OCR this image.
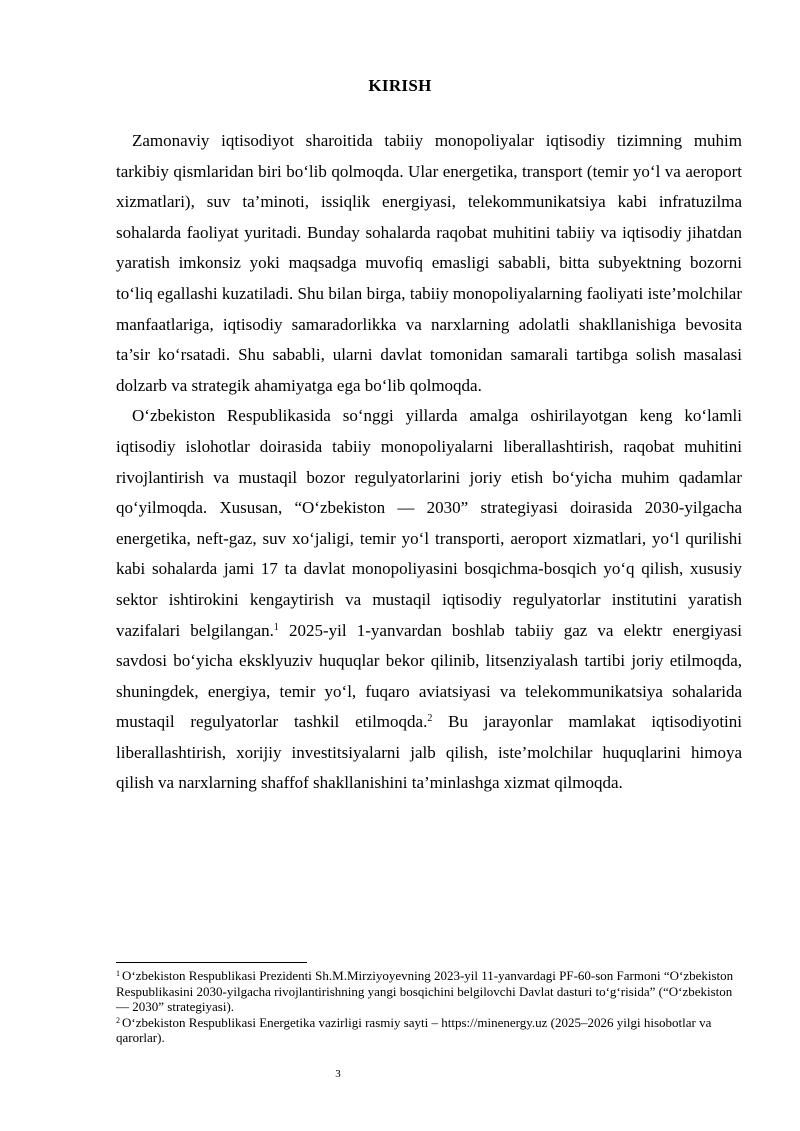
KIRISH

Zamonaviy iqtisodiyot sharoitida tabiiy monopoliyalar iqtisodiy tizimning muhim tarkibiy qismlaridan biri bo‘lib qolmoqda. Ular energetika, transport (temir yo‘l va aeroport xizmatlari), suv ta’minoti, issiqlik energiyasi, telekommunikatsiya kabi infratuzilma sohalarda faoliyat yuritadi. Bunday sohalarda raqobat muhitini tabiiy va iqtisodiy jihatdan yaratish imkonsiz yoki maqsadga muvofiq emasligi sababli, bitta subyektning bozorni to‘liq egallashi kuzatiladi. Shu bilan birga, tabiiy monopoliyalarning faoliyati iste’molchilar manfaatlariga, iqtisodiy samaradorlikka va narxlarning adolatli shakllanishiga bevosita ta’sir ko‘rsatadi. Shu sababli, ularni davlat tomonidan samarali tartibga solish masalasi dolzarb va strategik ahamiyatga ega bo‘lib qolmoqda.

O‘zbekiston Respublikasida so‘nggi yillarda amalga oshirilayotgan keng ko‘lamli iqtisodiy islohotlar doirasida tabiiy monopoliyalarni liberallashtirish, raqobat muhitini rivojlantirish va mustaqil bozor regulyatorlarini joriy etish bo‘yicha muhim qadamlar qo‘yilmoqda. Xususan, “O‘zbekiston — 2030” strategiyasi doirasida 2030-yilgacha energetika, neft-gaz, suv xo‘jaligi, temir yo‘l transporti, aeroport xizmatlari, yo‘l qurilishi kabi sohalarda jami 17 ta davlat monopoliyasini bosqichma-bosqich yo‘q qilish, xususiy sektor ishtirokini kengaytirish va mustaqil iqtisodiy regulyatorlar institutini yaratish vazifalari belgilangan.$^1$ 2025-yil 1-yanvardan boshlab tabiiy gaz va elektr energiyasi savdosi bo‘yicha eksklyuziv huquqlar bekor qilinib, litsenziyalash tartibi joriy etilmoqda, shuningdek, energiya, temir yo‘l, fuqaro aviatsiyasi va telekommunikatsiya sohalarida mustaqil regulyatorlar tashkil etilmoqda.$^2$ Bu jarayonlar mamlakat iqtisodiyotini liberallashtirish, xorijiy investitsiyalarni jalb qilish, iste’molchilar huquqlarini himoya qilish va narxlarning shaffof shakllanishini ta’minlashga xizmat qilmoqda.

$^1$ O‘zbekiston Respublikasi Prezidenti Sh.M.Mirziyoyevning 2023-yil 11-yanvardagi PF-60-son Farmoni “O‘zbekiston Respublikasini 2030-yilgacha rivojlantirishning yangi bosqichini belgilovchi Davlat dasturi to‘g‘risida” (“O‘zbekiston — 2030” strategiyasi).

$^2$ O‘zbekiston Respublikasi Energetika vazirligi rasmiy sayti – https://minenergy.uz (2025–2026 yilgi hisobotlar va qarorlar).

3
